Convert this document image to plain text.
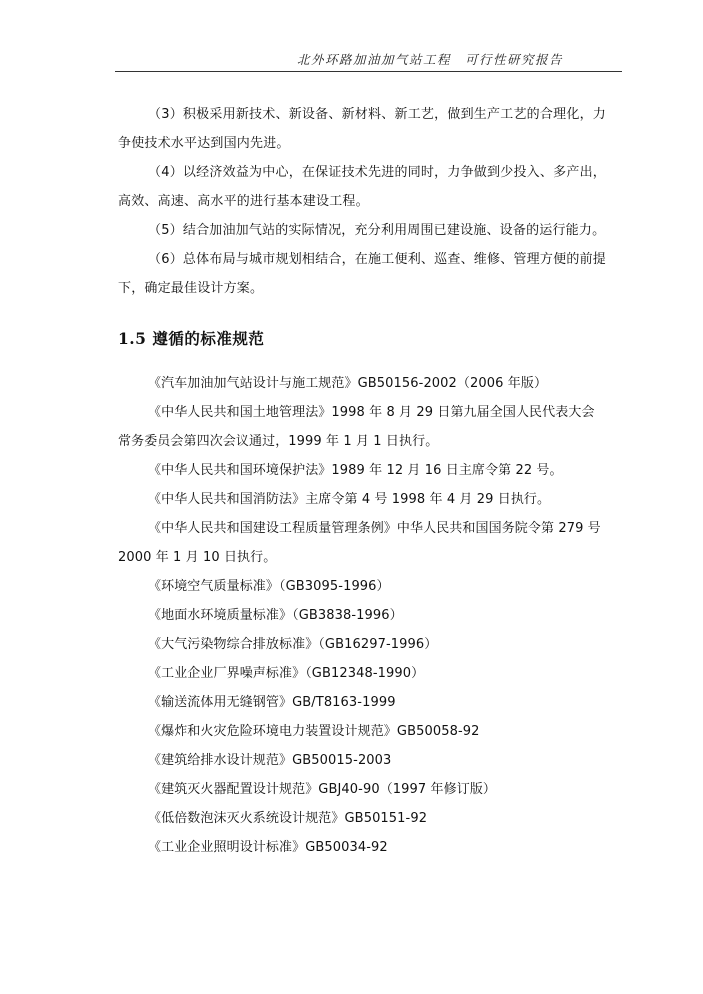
北外环路加油加气站工程　可行性研究报告

（3）积极采用新技术、新设备、新材料、新工艺，做到生产工艺的合理化，力争使技术水平达到国内先进。

（4）以经济效益为中心，在保证技术先进的同时，力争做到少投入、多产出，高效、高速、高水平的进行基本建设工程。

（5）结合加油加气站的实际情况，充分利用周围已建设施、设备的运行能力。

（6）总体布局与城市规划相结合，在施工便利、巡查、维修、管理方便的前提下，确定最佳设计方案。

1.5 遵循的标准规范

《汽车加油加气站设计与施工规范》GB50156-2002（2006 年版）

《中华人民共和国土地管理法》1998 年 8 月 29 日第九届全国人民代表大会常务委员会第四次会议通过，1999 年 1 月 1 日执行。

《中华人民共和国环境保护法》1989 年 12 月 16 日主席令第 22 号。

《中华人民共和国消防法》主席令第 4 号 1998 年 4 月 29 日执行。

《中华人民共和国建设工程质量管理条例》中华人民共和国国务院令第 279 号 2000 年 1 月 10 日执行。

《环境空气质量标准》（GB3095-1996）

《地面水环境质量标准》（GB3838-1996）

《大气污染物综合排放标准》（GB16297-1996）

《工业企业厂界噪声标准》（GB12348-1990）

《输送流体用无缝钢管》GB/T8163-1999

《爆炸和火灾危险环境电力装置设计规范》GB50058-92

《建筑给排水设计规范》GB50015-2003

《建筑灭火器配置设计规范》GBJ40-90（1997 年修订版）

《低倍数泡沫灭火系统设计规范》GB50151-92

《工业企业照明设计标准》GB50034-92
